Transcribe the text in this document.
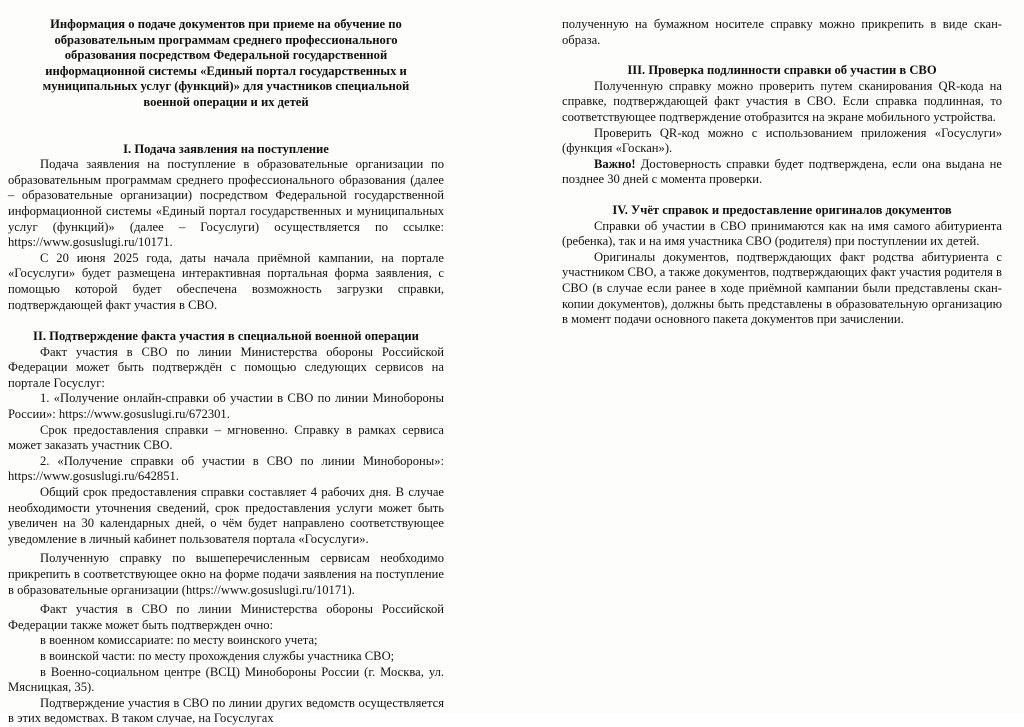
Информация о подаче документов при приеме на обучение по образовательным программам среднего профессионального образования посредством Федеральной государственной информационной системы «Единый портал государственных и муниципальных услуг (функций)» для участников специальной военной операции и их детей

I. Подача заявления на поступление

Подача заявления на поступление в образовательные организации по образовательным программам среднего профессионального образования (далее – образовательные организации) посредством Федеральной государственной информационной системы «Единый портал государственных и муниципальных услуг (функций)» (далее – Госуслуги) осуществляется по ссылке: https://www.gosuslugi.ru/10171.

С 20 июня 2025 года, даты начала приёмной кампании, на портале «Госуслуги» будет размещена интерактивная портальная форма заявления, с помощью которой будет обеспечена возможность загрузки справки, подтверждающей факт участия в СВО.

II. Подтверждение факта участия в специальной военной операции

Факт участия в СВО по линии Министерства обороны Российской Федерации может быть подтверждён с помощью следующих сервисов на портале Госуслуг:

1. «Получение онлайн-справки об участии в СВО по линии Минобороны России»: https://www.gosuslugi.ru/672301.

Срок предоставления справки – мгновенно. Справку в рамках сервиса может заказать участник СВО.

2. «Получение справки об участии в СВО по линии Минобороны»: https://www.gosuslugi.ru/642851.

Общий срок предоставления справки составляет 4 рабочих дня. В случае необходимости уточнения сведений, срок предоставления услуги может быть увеличен на 30 календарных дней, о чём будет направлено соответствующее уведомление в личный кабинет пользователя портала «Госуслуги».

Полученную справку по вышеперечисленным сервисам необходимо прикрепить в соответствующее окно на форме подачи заявления на поступление в образовательные организации (https://www.gosuslugi.ru/10171).

Факт участия в СВО по линии Министерства обороны Российской Федерации также может быть подтвержден очно:

в военном комиссариате: по месту воинского учета;

в воинской части: по месту прохождения службы участника СВО;

в Военно-социальном центре (ВСЦ) Минобороны России (г. Москва, ул. Мясницкая, 35).

Подтверждение участия в СВО по линии других ведомств осуществляется в этих ведомствах. В таком случае, на Госуслугах

полученную на бумажном носителе справку можно прикрепить в виде скан-образа.

III. Проверка подлинности справки об участии в СВО

Полученную справку можно проверить путем сканирования QR-кода на справке, подтверждающей факт участия в СВО. Если справка подлинная, то соответствующее подтверждение отобразится на экране мобильного устройства.

Проверить QR-код можно с использованием приложения «Госуслуги» (функция «Госкан»).

Важно! Достоверность справки будет подтверждена, если она выдана не позднее 30 дней с момента проверки.

IV. Учёт справок и предоставление оригиналов документов

Справки об участии в СВО принимаются как на имя самого абитуриента (ребенка), так и на имя участника СВО (родителя) при поступлении их детей.

Оригиналы документов, подтверждающих факт родства абитуриента с участником СВО, а также документов, подтверждающих факт участия родителя в СВО (в случае если ранее в ходе приёмной кампании были представлены скан-копии документов), должны быть представлены в образовательную организацию в момент подачи основного пакета документов при зачислении.
